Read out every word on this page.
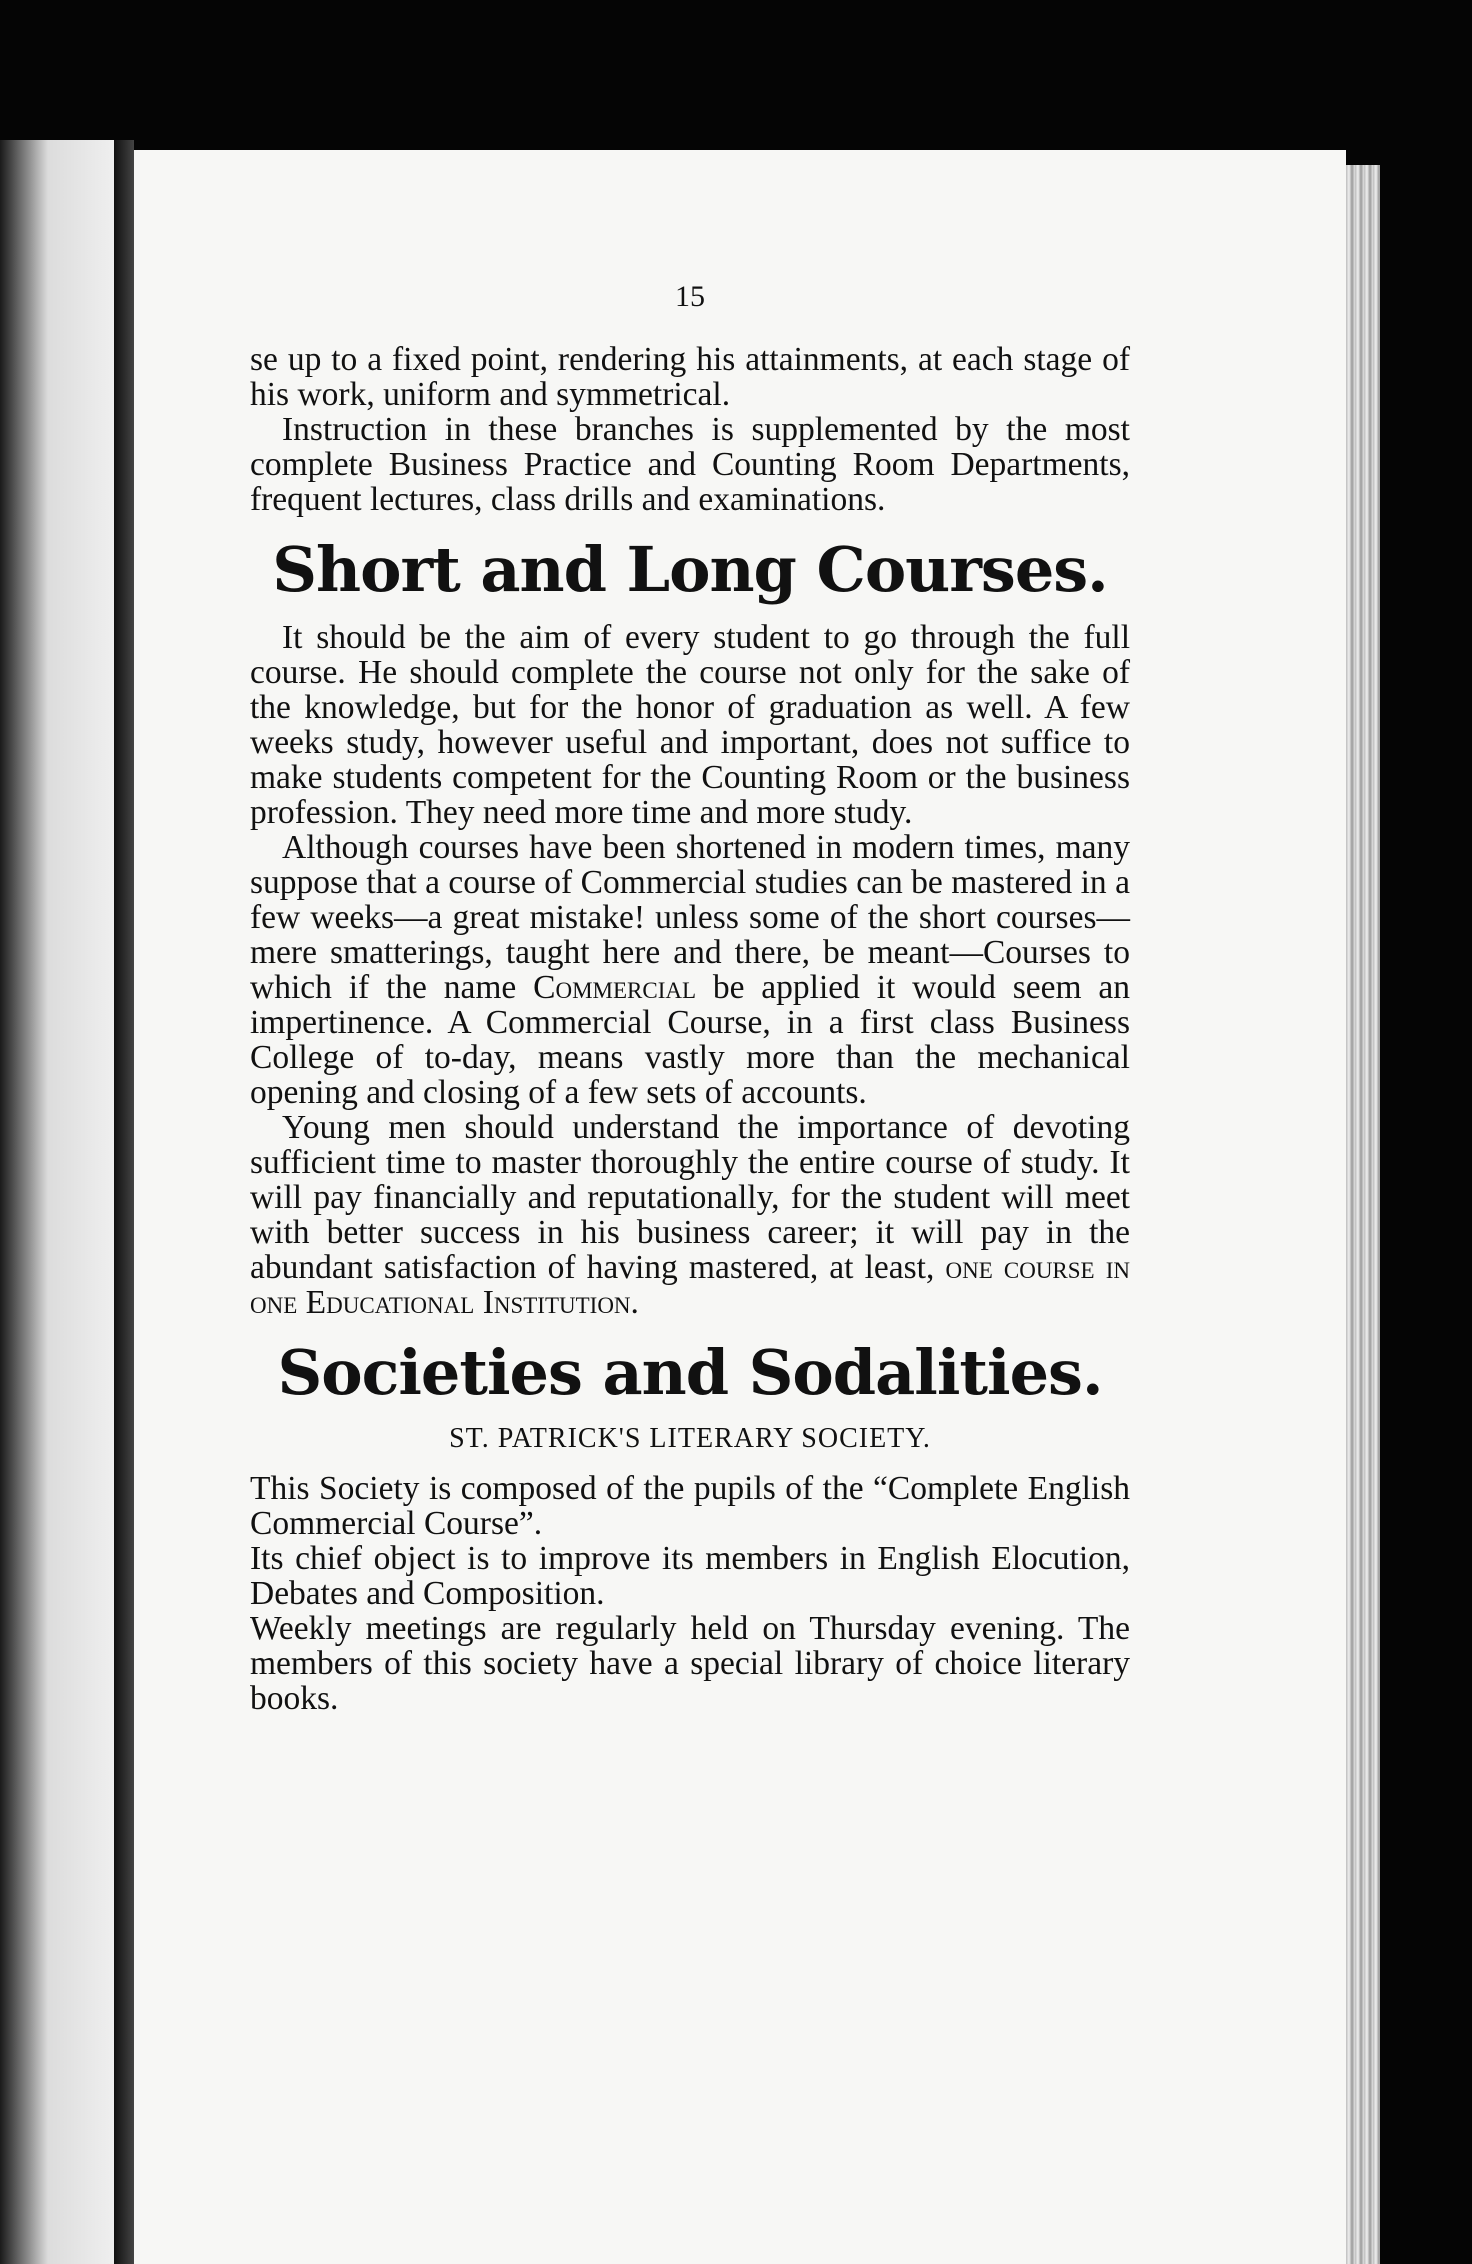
15

se up to a fixed point, rendering his attainments, at each stage of his work, uniform and symmetrical.

Instruction in these branches is supplemented by the most complete Business Practice and Counting Room Departments, frequent lectures, class drills and examinations.

Short and Long Courses.

It should be the aim of every student to go through the full course. He should complete the course not only for the sake of the knowledge, but for the honor of graduation as well. A few weeks study, however useful and important, does not suffice to make students competent for the Counting Room or the business profession. They need more time and more study.

Although courses have been shortened in modern times, many suppose that a course of Commercial studies can be mastered in a few weeks—a great mistake! unless some of the short courses—mere smatterings, taught here and there, be meant—Courses to which if the name Commercial be applied it would seem an impertinence. A Commercial Course, in a first class Business College of to-day, means vastly more than the mechanical opening and closing of a few sets of accounts.

Young men should understand the importance of devoting sufficient time to master thoroughly the entire course of study. It will pay financially and reputationally, for the student will meet with better success in his business career; it will pay in the abundant satisfaction of having mastered, at least, one course in one Educational Institution.

Societies and Sodalities.
ST. PATRICK'S LITERARY SOCIETY.

This Society is composed of the pupils of the “Complete English Commercial Course”.

Its chief object is to improve its members in English Elocution, Debates and Composition.

Weekly meetings are regularly held on Thursday evening. The members of this society have a special library of choice literary books.
